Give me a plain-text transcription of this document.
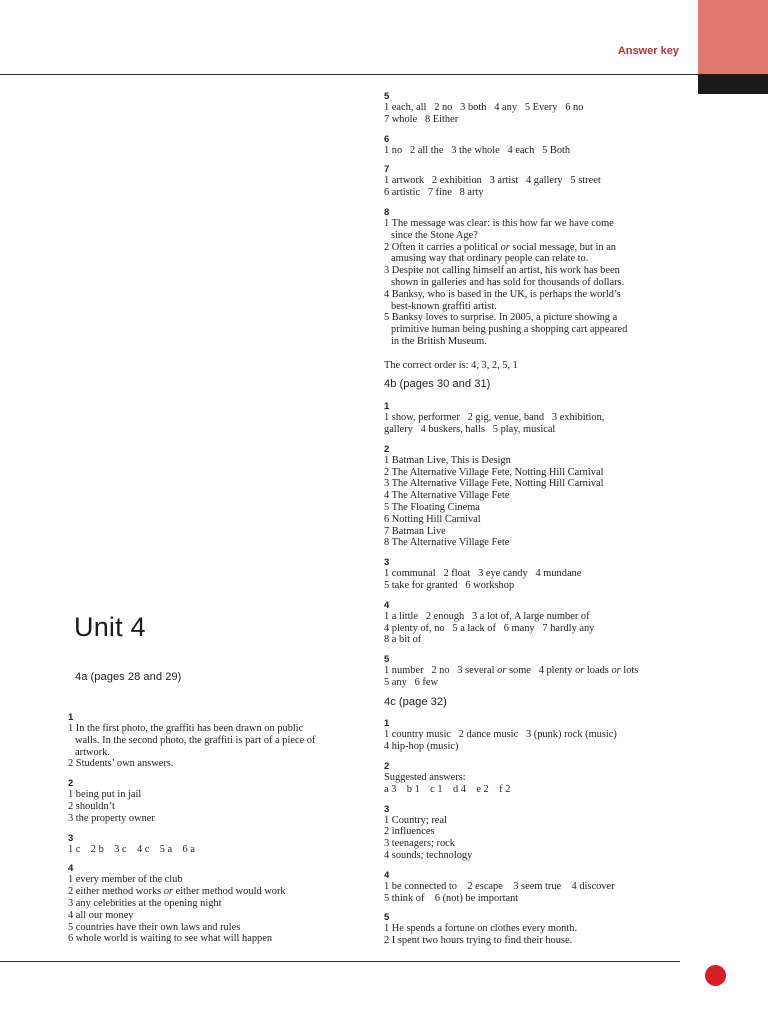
Answer key
Unit 4
4a (pages 28 and 29)
1
1 In the first photo, the graffiti has been drawn on public
walls. In the second photo, the graffiti is part of a piece of
artwork.
2 Students’ own answers.
2
1 being put in jail
2 shouldn’t
3 the property owner
3
1 c    2 b    3 c    4 c    5 a    6 a
4
1 every member of the club
2 either method works or either method would work
3 any celebrities at the opening night
4 all our money
5 countries have their own laws and rules
6 whole world is waiting to see what will happen
5
1 each, all   2 no   3 both   4 any   5 Every   6 no
7 whole   8 Either
6
1 no   2 all the   3 the whole   4 each   5 Both
7
1 artwork   2 exhibition   3 artist   4 gallery   5 street
6 artistic   7 fine   8 arty
8
1 The message was clear: is this how far we have come
since the Stone Age?
2 Often it carries a political or social message, but in an
amusing way that ordinary people can relate to.
3 Despite not calling himself an artist, his work has been
shown in galleries and has sold for thousands of dollars.
4 Banksy, who is based in the UK, is perhaps the world’s
best-known graffiti artist.
5 Banksy loves to surprise. In 2005, a picture showing a
primitive human being pushing a shopping cart appeared
in the British Museum.

The correct order is: 4, 3, 2, 5, 1
4b (pages 30 and 31)
1
1 show, performer   2 gig, venue, band   3 exhibition,
gallery   4 buskers, halls   5 play, musical
2
1 Batman Live, This is Design
2 The Alternative Village Fete, Notting Hill Carnival
3 The Alternative Village Fete, Notting Hill Carnival
4 The Alternative Village Fete
5 The Floating Cinema
6 Notting Hill Carnival
7 Batman Live
8 The Alternative Village Fete
3
1 communal   2 float   3 eye candy   4 mundane
5 take for granted   6 workshop
4
1 a little   2 enough   3 a lot of, A large number of
4 plenty of, no   5 a lack of   6 many   7 hardly any
8 a bit of
5
1 number   2 no   3 several or some   4 plenty or loads or lots
5 any   6 few
4c (page 32)
1
1 country music   2 dance music   3 (punk) rock (music)
4 hip-hop (music)
2
Suggested answers:
a 3    b 1    c 1    d 4    e 2    f 2
3
1 Country; real
2 influences
3 teenagers; rock
4 sounds; technology
4
1 be connected to    2 escape    3 seem true    4 discover
5 think of    6 (not) be important
5
1 He spends a fortune on clothes every month.
2 I spent two hours trying to find their house.
